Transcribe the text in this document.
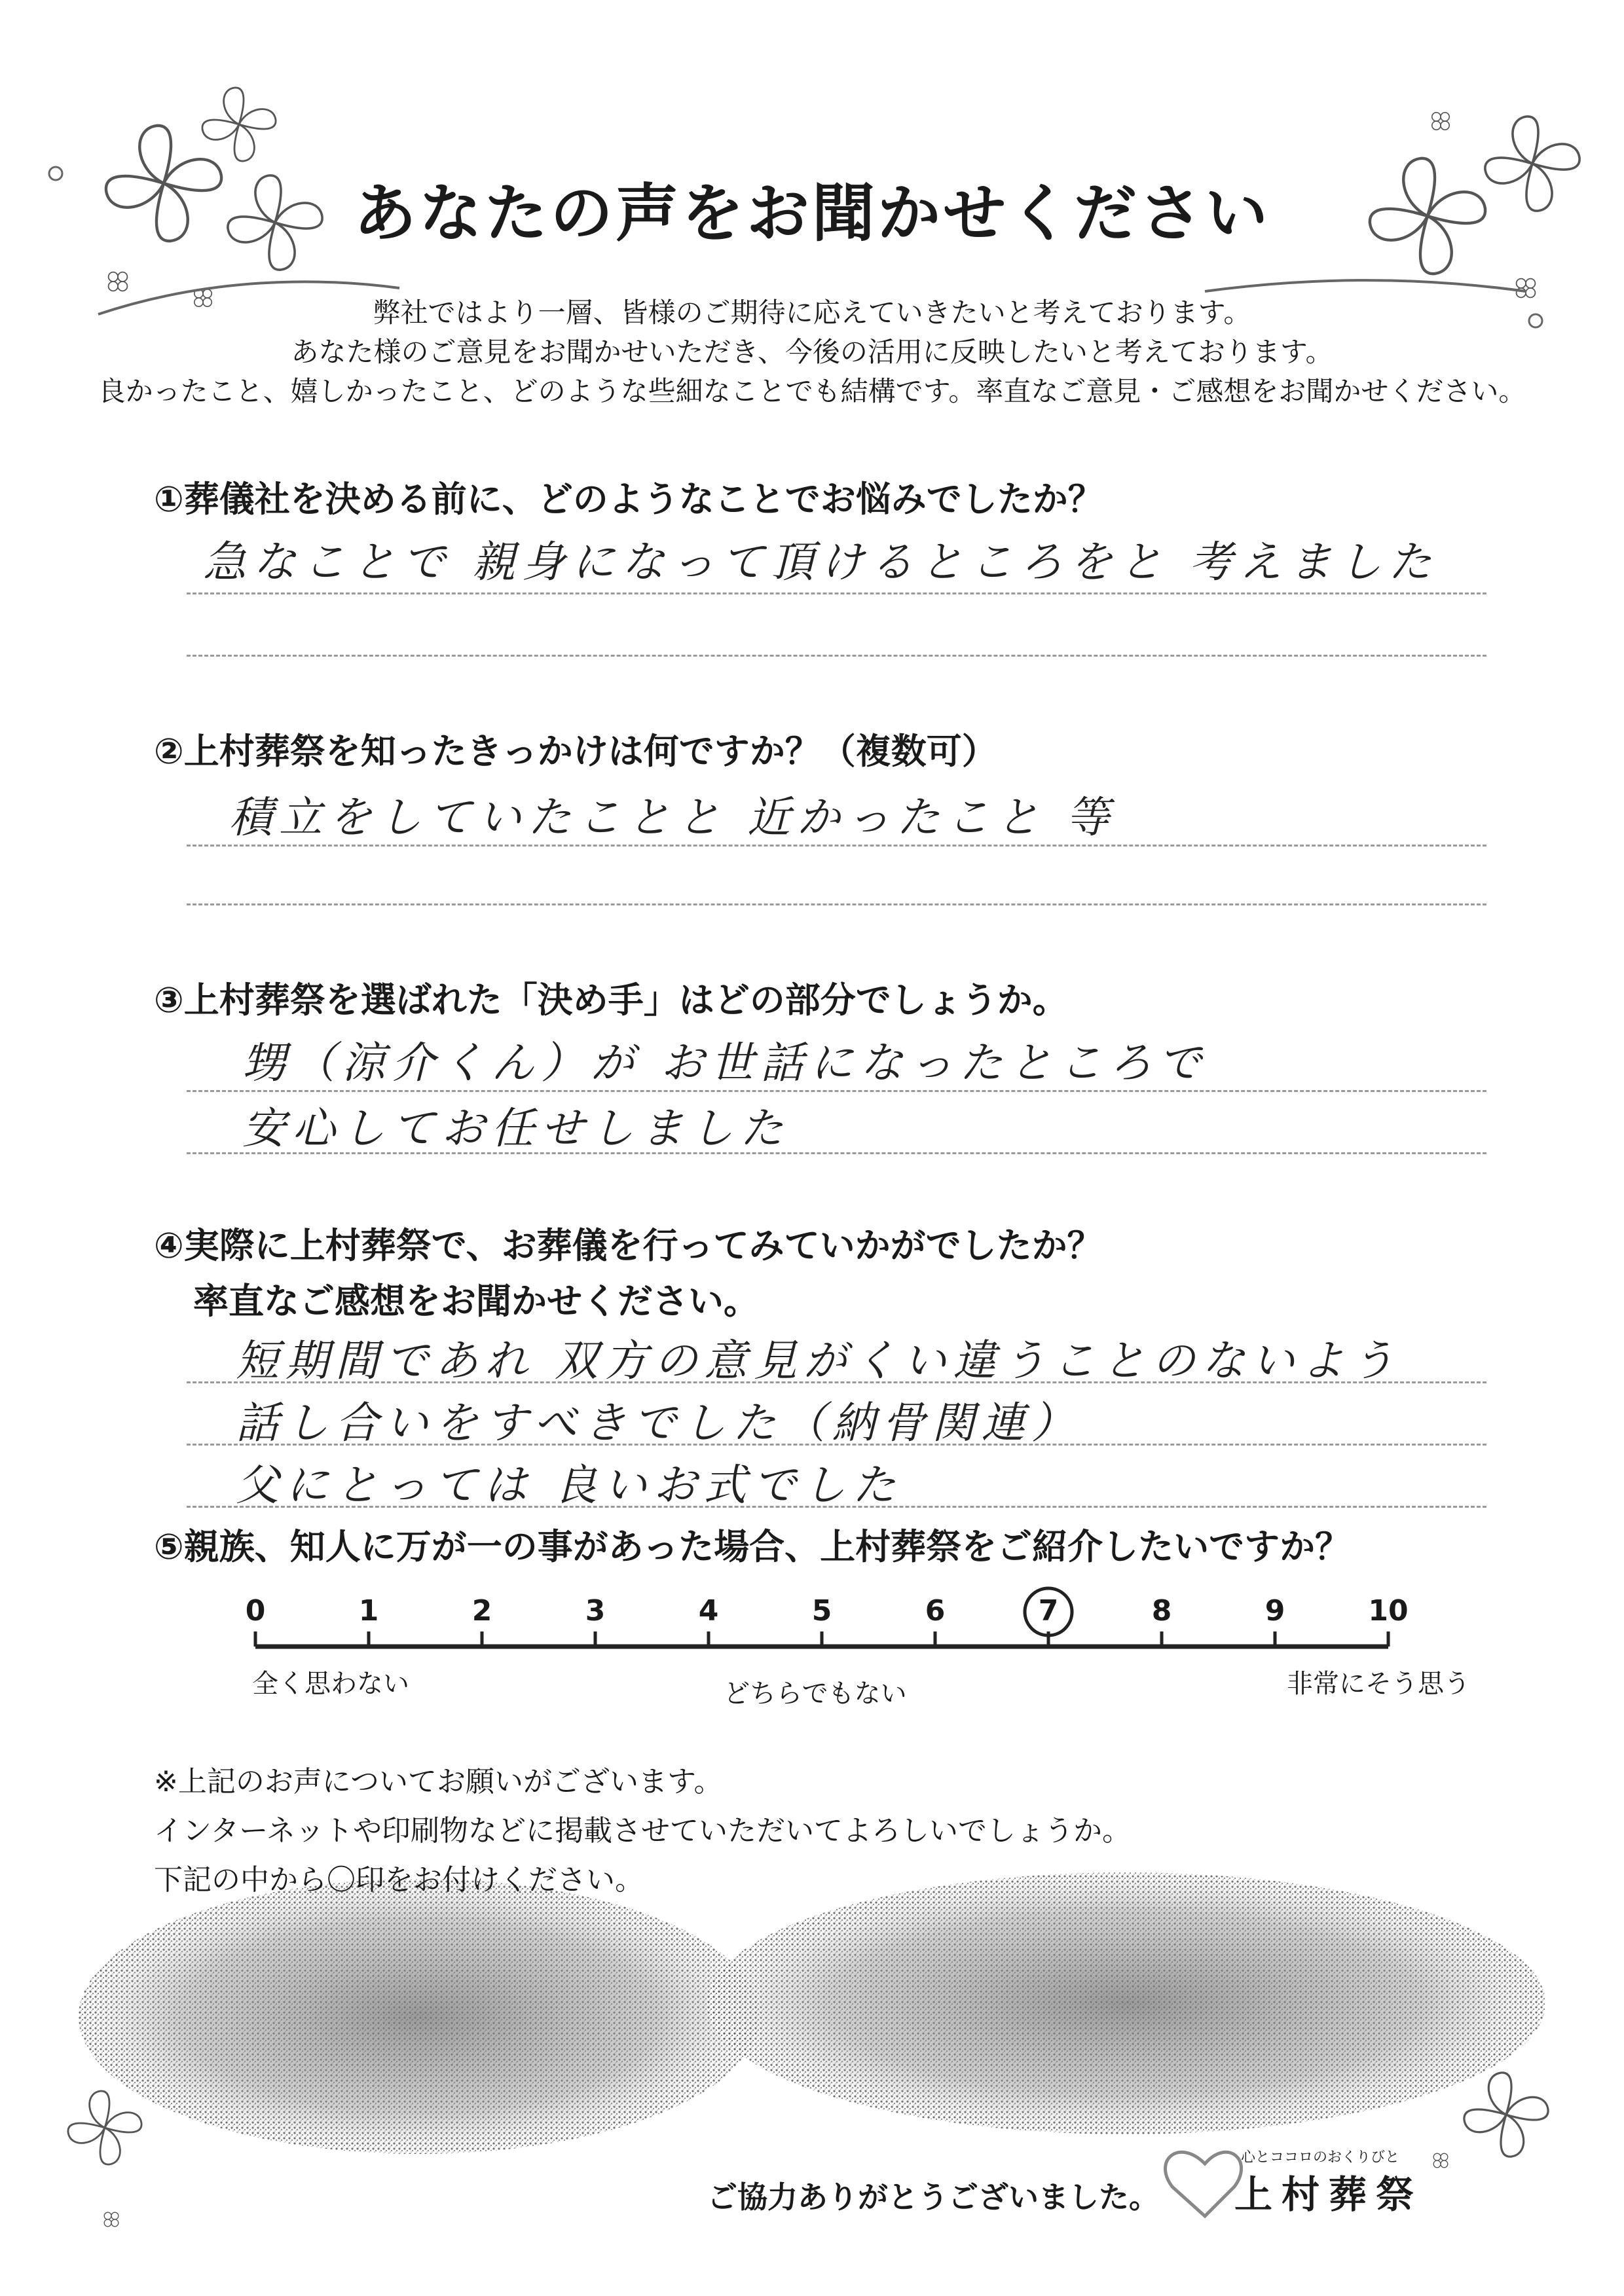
あなたの声をお聞かせください
弊社ではより一層、皆様のご期待に応えていきたいと考えております。
あなた様のご意見をお聞かせいただき、今後の活用に反映したいと考えております。
良かったこと、嬉しかったこと、どのような些細なことでも結構です。率直なご意見・ご感想をお聞かせください。
①葬儀社を決める前に、どのようなことでお悩みでしたか？
急なことで 親身になって頂けるところをと 考えました
②上村葬祭を知ったきっかけは何ですか？（複数可）
積立をしていたことと 近かったこと 等
③上村葬祭を選ばれた「決め手」はどの部分でしょうか。
甥（涼介くん）が お世話になったところで
安心してお任せしました
④実際に上村葬祭で、お葬儀を行ってみていかがでしたか？
率直なご感想をお聞かせください。
短期間であれ 双方の意見がくい違うことのないよう
話し合いをすべきでした（納骨関連）
父にとっては 良いお式でした
⑤親族、知人に万が一の事があった場合、上村葬祭をご紹介したいですか？
0	1	2	3	4	5	6	7	8	9	10
全く思わない	どちらでもない	非常にそう思う
※上記のお声についてお願いがございます。
インターネットや印刷物などに掲載させていただいてよろしいでしょうか。
下記の中から〇印をお付けください。
ご協力ありがとうございました。
心とココロのおくりびと
上村葬祭
